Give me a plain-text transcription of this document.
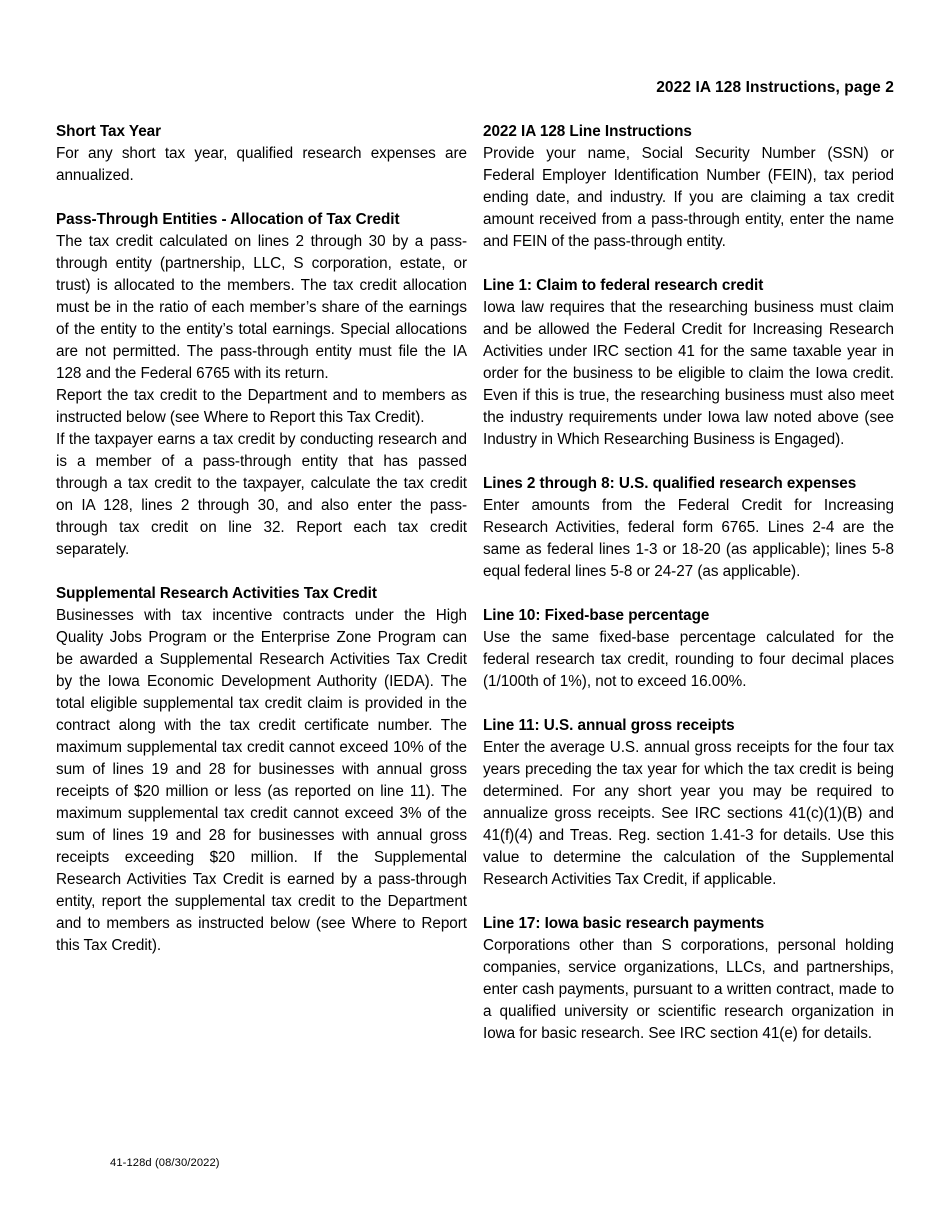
2022 IA 128 Instructions, page 2
Short Tax Year

For any short tax year, qualified research expenses are annualized.

Pass-Through Entities - Allocation of Tax Credit

The tax credit calculated on lines 2 through 30 by a pass-through entity (partnership, LLC, S corporation, estate, or trust) is allocated to the members. The tax credit allocation must be in the ratio of each member’s share of the earnings of the entity to the entity’s total earnings. Special allocations are not permitted. The pass-through entity must file the IA 128 and the Federal 6765 with its return.

Report the tax credit to the Department and to members as instructed below (see Where to Report this Tax Credit).

If the taxpayer earns a tax credit by conducting research and is a member of a pass-through entity that has passed through a tax credit to the taxpayer, calculate the tax credit on IA 128, lines 2 through 30, and also enter the pass-through tax credit on line 32. Report each tax credit separately.

Supplemental Research Activities Tax Credit

Businesses with tax incentive contracts under the High Quality Jobs Program or the Enterprise Zone Program can be awarded a Supplemental Research Activities Tax Credit by the Iowa Economic Development Authority (IEDA). The total eligible supplemental tax credit claim is provided in the contract along with the tax credit certificate number. The maximum supplemental tax credit cannot exceed 10% of the sum of lines 19 and 28 for businesses with annual gross receipts of $20 million or less (as reported on line 11). The maximum supplemental tax credit cannot exceed 3% of the sum of lines 19 and 28 for businesses with annual gross receipts exceeding $20 million. If the Supplemental Research Activities Tax Credit is earned by a pass-through entity, report the supplemental tax credit to the Department and to members as instructed below (see Where to Report this Tax Credit).

2022 IA 128 Line Instructions

Provide your name, Social Security Number (SSN) or Federal Employer Identification Number (FEIN), tax period ending date, and industry. If you are claiming a tax credit amount received from a pass-through entity, enter the name and FEIN of the pass-through entity.

Line 1: Claim to federal research credit

Iowa law requires that the researching business must claim and be allowed the Federal Credit for Increasing Research Activities under IRC section 41 for the same taxable year in order for the business to be eligible to claim the Iowa credit. Even if this is true, the researching business must also meet the industry requirements under Iowa law noted above (see Industry in Which Researching Business is Engaged).

Lines 2 through 8: U.S. qualified research expenses

Enter amounts from the Federal Credit for Increasing Research Activities, federal form 6765. Lines 2-4 are the same as federal lines 1-3 or 18-20 (as applicable); lines 5-8 equal federal lines 5-8 or 24-27 (as applicable).

Line 10: Fixed-base percentage

Use the same fixed-base percentage calculated for the federal research tax credit, rounding to four decimal places (1/100th of 1%), not to exceed 16.00%.

Line 11: U.S. annual gross receipts

Enter the average U.S. annual gross receipts for the four tax years preceding the tax year for which the tax credit is being determined. For any short year you may be required to annualize gross receipts. See IRC sections 41(c)(1)(B) and 41(f)(4) and Treas. Reg. section 1.41-3 for details. Use this value to determine the calculation of the Supplemental Research Activities Tax Credit, if applicable.

Line 17: Iowa basic research payments

Corporations other than S corporations, personal holding companies, service organizations, LLCs, and partnerships, enter cash payments, pursuant to a written contract, made to a qualified university or scientific research organization in Iowa for basic research. See IRC section 41(e) for details.

41-128d (08/30/2022)
